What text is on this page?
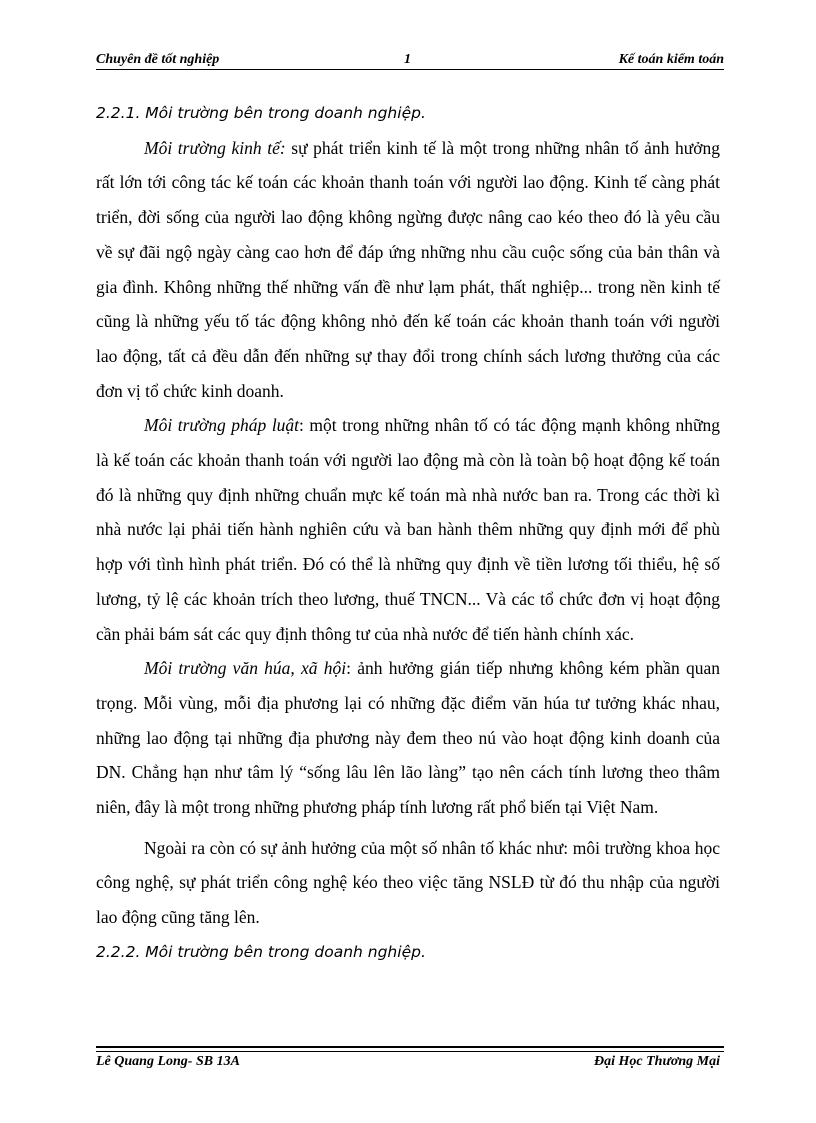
Chuyên đề tốt nghiệp	1	Kế toán kiểm toán

2.2.1. Môi trường bên trong doanh nghiệp.

Môi trường kinh tế: sự phát triển kinh tế là một trong những nhân tố ảnh hưởng rất lớn tới công tác kế toán các khoản thanh toán với người lao động. Kinh tế càng phát triển, đời sống của người lao động không ngừng được nâng cao kéo theo đó là yêu cầu về sự đãi ngộ ngày càng cao hơn để đáp ứng những nhu cầu cuộc sống của bản thân và gia đình. Không những thế những vấn đề như lạm phát, thất nghiệp... trong nền kinh tế cũng là những yếu tố tác động không nhỏ đến kế toán các khoản thanh toán với người lao động, tất cả đều dẫn đến những sự thay đổi trong chính sách lương thưởng của các đơn vị tổ chức kinh doanh.

Môi trường pháp luật: một trong những nhân tố có tác động mạnh không những là kế toán các khoản thanh toán với người lao động mà còn là toàn bộ hoạt động kế toán đó là những quy định những chuẩn mực kế toán mà nhà nước ban ra. Trong các thời kì nhà nước lại phải tiến hành nghiên cứu và ban hành thêm những quy định mới để phù hợp với tình hình phát triển. Đó có thể là những quy định về tiền lương tối thiểu, hệ số lương, tỷ lệ các khoản trích theo lương, thuế TNCN... Và các tổ chức đơn vị hoạt động cần phải bám sát các quy định thông tư của nhà nước để tiến hành chính xác.

Môi trường văn húa, xã hội: ảnh hưởng gián tiếp nhưng không kém phần quan trọng. Mỗi vùng, mỗi địa phương lại có những đặc điểm văn húa tư tưởng khác nhau, những lao động tại những địa phương này đem theo nú vào hoạt động kinh doanh của DN. Chẳng hạn như tâm lý “sống lâu lên lão làng” tạo nên cách tính lương theo thâm niên, đây là một trong những phương pháp tính lương rất phổ biến tại Việt Nam.

Ngoài ra còn có sự ảnh hưởng của một số nhân tố khác như: môi trường khoa học công nghệ, sự phát triển công nghệ kéo theo việc tăng NSLĐ từ đó thu nhập của người lao động cũng tăng lên.

2.2.2. Môi trường bên trong doanh nghiệp.

Lê Quang Long- SB 13A	Đại Học Thương Mại
